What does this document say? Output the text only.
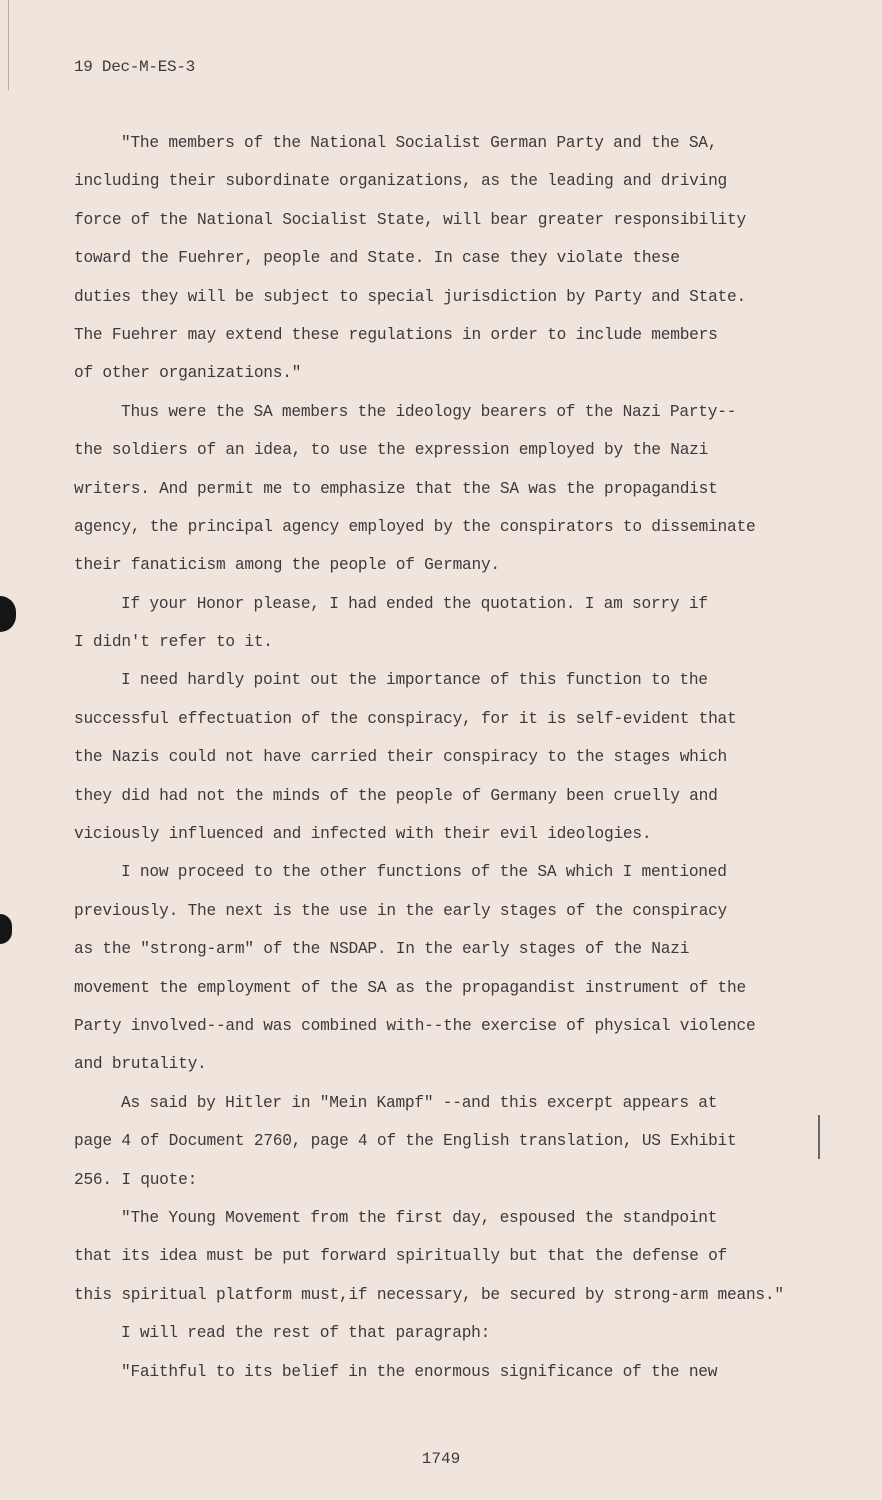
19 Dec-M-ES-3
"The members of the National Socialist German Party and the SA,
including their subordinate organizations, as the leading and driving
force of the National Socialist State, will bear greater responsibility
toward the Fuehrer, people and State. In case they violate these
duties they will be subject to special jurisdiction by Party and State.
The Fuehrer may extend these regulations in order to include members
of other organizations."
Thus were the SA members the ideology bearers of the Nazi Party--
the soldiers of an idea, to use the expression employed by the Nazi
writers. And permit me to emphasize that the SA was the propagandist
agency, the principal agency employed by the conspirators to disseminate
their fanaticism among the people of Germany.
If your Honor please, I had ended the quotation. I am sorry if
I didn't refer to it.
I need hardly point out the importance of this function to the
successful effectuation of the conspiracy, for it is self-evident that
the Nazis could not have carried their conspiracy to the stages which
they did had not the minds of the people of Germany been cruelly and
viciously influenced and infected with their evil ideologies.
I now proceed to the other functions of the SA which I mentioned
previously. The next is the use in the early stages of the conspiracy
as the "strong-arm" of the NSDAP. In the early stages of the Nazi
movement the employment of the SA as the propagandist instrument of the
Party involved--and was combined with--the exercise of physical violence
and brutality.
As said by Hitler in "Mein Kampf" --and this excerpt appears at
page 4 of Document 2760, page 4 of the English translation, US Exhibit
256. I quote:
"The Young Movement from the first day, espoused the standpoint
that its idea must be put forward spiritually but that the defense of
this spiritual platform must,if necessary, be secured by strong-arm means."
I will read the rest of that paragraph:
"Faithful to its belief in the enormous significance of the new
1749
